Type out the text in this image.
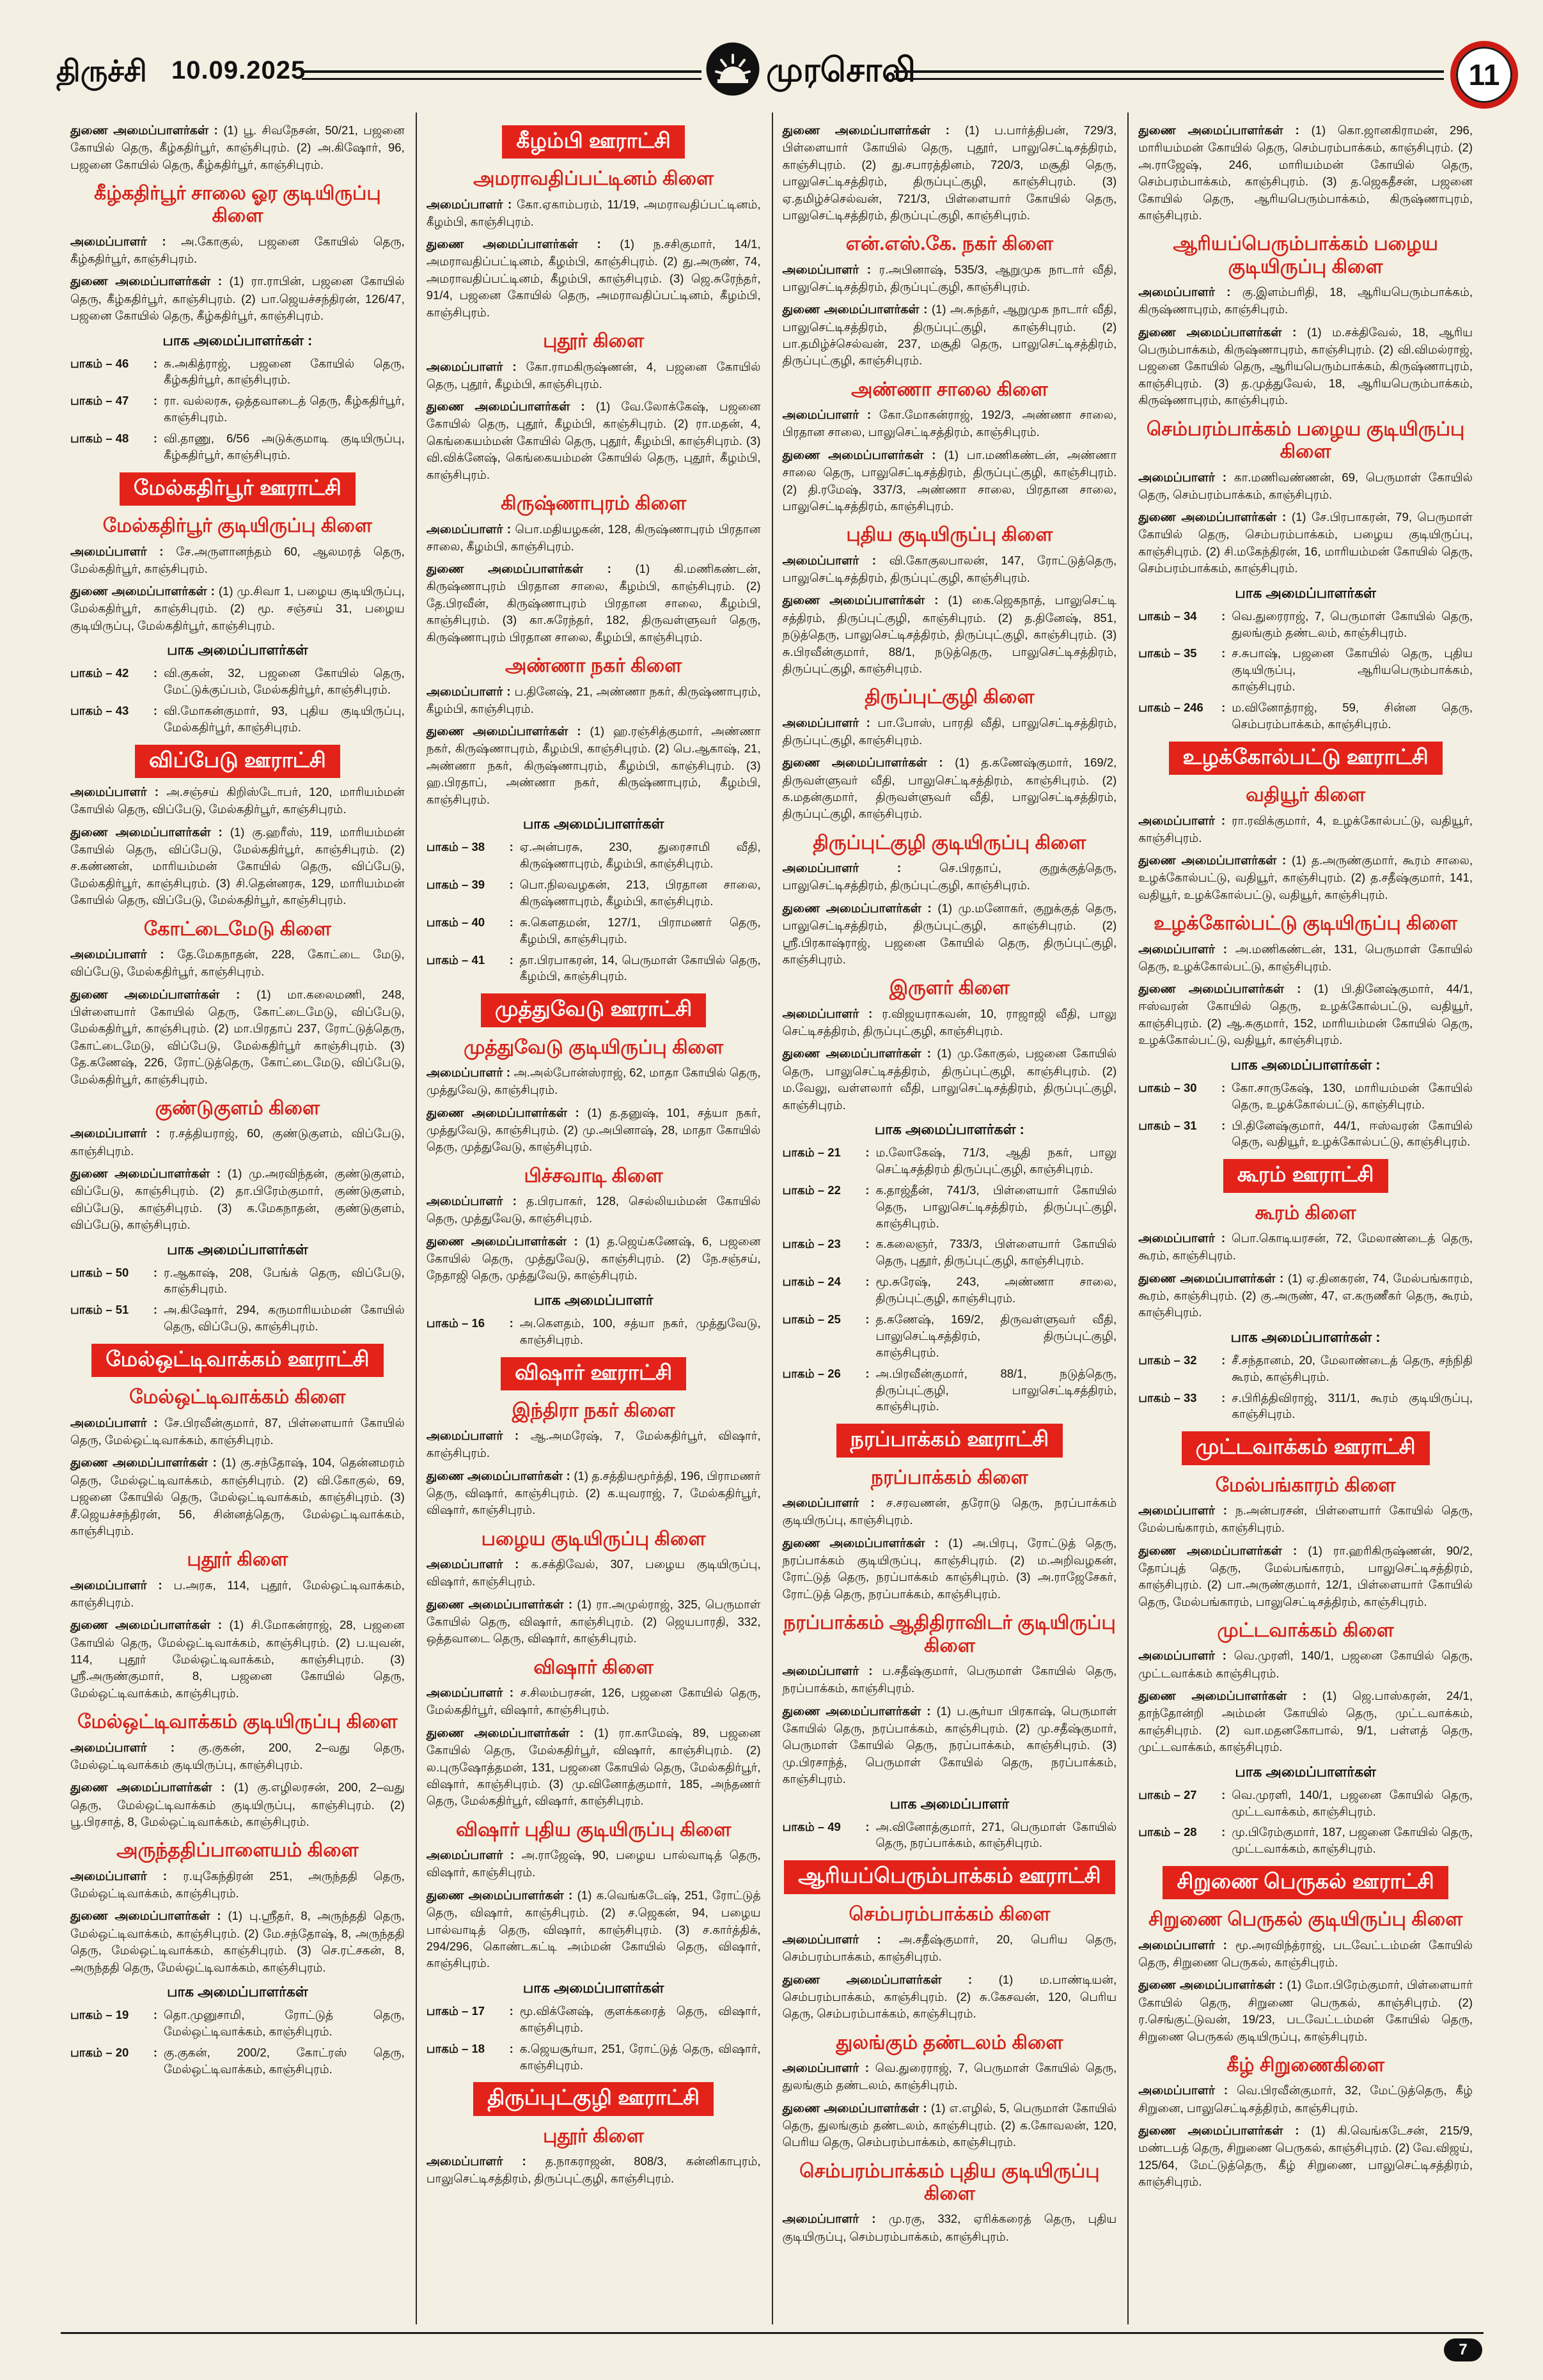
திருச்சி 10.09.2025	முரசொலி	11

துணை அமைப்பாளர்கள் : (1) பூ. சிவநேசன், 50/21, பஜனை கோயில் தெரு, கீழ்கதிர்பூர், காஞ்சிபுரம். (2) அ.கிஷோர், 96, பஜனை கோயில் தெரு, கீழ்கதிர்பூர், காஞ்சிபுரம்.

கீழ்கதிர்பூர் சாலை ஓர குடியிருப்பு கிளை

அமைப்பாளர் : அ.கோகுல், பஜனை கோயில் தெரு, கீழ்கதிர்பூர், காஞ்சிபுரம்.

துணை அமைப்பாளர்கள் : (1) ரா.ராபின், பஜனை கோயில் தெரு, கீழ்கதிர்பூர், காஞ்சிபுரம். (2) பா.ஜெயச்சந்திரன், 126/47, பஜனை கோயில் தெரு, கீழ்கதிர்பூர், காஞ்சிபுரம்.

பாக அமைப்பாளர்கள் :
பாகம் – 46	: சு.அகித்ராஜ், பஜனை கோயில் தெரு, கீழ்கதிர்பூர், காஞ்சிபுரம்.
பாகம் – 47	: ரா. வல்லரசு, ஒத்தவாடைத் தெரு, கீழ்கதிர்பூர், காஞ்சிபுரம்.
பாகம் – 48	: வி.தாணு, 6/56 அடுக்குமாடி குடியிருப்பு, கீழ்கதிர்பூர், காஞ்சிபுரம்.
மேல்கதிர்பூர் ஊராட்சி
மேல்கதிர்பூர் குடியிருப்பு கிளை

அமைப்பாளர் : சே.அருளானந்தம் 60, ஆலமரத் தெரு, மேல்கதிர்பூர், காஞ்சிபுரம்.

துணை அமைப்பாளர்கள் : (1) மு.சிவா 1, பழைய குடியிருப்பு, மேல்கதிர்பூர், காஞ்சிபுரம். (2) மூ. சஞ்சய் 31, பழைய குடியிருப்பு, மேல்கதிர்பூர், காஞ்சிபுரம்.

பாக அமைப்பாளர்கள்
பாகம் – 42	: வி.குகன், 32, பஜனை கோயில் தெரு, மேட்டுக்குப்பம், மேல்கதிர்பூர், காஞ்சிபுரம்.
பாகம் – 43	: வி.மோகன்குமார், 93, புதிய குடியிருப்பு, மேல்கதிர்பூர், காஞ்சிபுரம்.
விப்பேடு ஊராட்சி

அமைப்பாளர் : அ.சஞ்சய் கிறிஸ்டோபர், 120, மாரியம்மன் கோயில் தெரு, விப்பேடு, மேல்கதிர்பூர், காஞ்சிபுரம்.

துணை அமைப்பாளர்கள் : (1) கு.ஹரீஸ், 119, மாரியம்மன் கோயில் தெரு, விப்பேடு, மேல்கதிர்பூர், காஞ்சிபுரம். (2) ச.கண்ணன், மாரியம்மன் கோயில் தெரு, விப்பேடு, மேல்கதிர்பூர், காஞ்சிபுரம். (3) சி.தென்னரசு, 129, மாரியம்மன் கோயில் தெரு, விப்பேடு, மேல்கதிர்பூர், காஞ்சிபுரம்.

கோட்டைமேடு கிளை

அமைப்பாளர் : தே.மேகநாதன், 228, கோட்டை மேடு, விப்பேடு, மேல்கதிர்பூர், காஞ்சிபுரம்.

துணை அமைப்பாளர்கள் : (1) மா.கலைமணி, 248, பிள்ளையார் கோயில் தெரு, கோட்டைமேடு, விப்பேடு, மேல்கதிர்பூர், காஞ்சிபுரம். (2) மா.பிரதாப் 237, ரோட்டுத்தெரு, கோட்டைமேடு, விப்பேடு, மேல்கதிர்பூர் காஞ்சிபுரம். (3) தே.கணேஷ், 226, ரோட்டுத்தெரு, கோட்டைமேடு, விப்பேடு, மேல்கதிர்பூர், காஞ்சிபுரம்.

குண்டுகுளம் கிளை

அமைப்பாளர் : ர.சத்தியராஜ், 60, குண்டுகுளம், விப்பேடு, காஞ்சிபுரம்.

துணை அமைப்பாளர்கள் : (1) மு.அரவிந்தன், குண்டுகுளம், விப்பேடு, காஞ்சிபுரம். (2) தா.பிரேம்குமார், குண்டுகுளம், விப்பேடு, காஞ்சிபுரம். (3) க.மேகநாதன், குண்டுகுளம், விப்பேடு, காஞ்சிபுரம்.

பாக அமைப்பாளர்கள்
பாகம் – 50	: ர.ஆகாஷ், 208, பேங்க் தெரு, விப்பேடு, காஞ்சிபுரம்.
பாகம் – 51	: அ.கிஷோர், 294, கருமாரியம்மன் கோயில் தெரு, விப்பேடு, காஞ்சிபுரம்.
மேல்ஒட்டிவாக்கம் ஊராட்சி
மேல்ஒட்டிவாக்கம் கிளை

அமைப்பாளர் : சே.பிரவீன்குமார், 87, பிள்ளையார் கோயில் தெரு, மேல்ஒட்டிவாக்கம், காஞ்சிபுரம்.

துணை அமைப்பாளர்கள் : (1) கு.சந்தோஷ், 104, தென்னமரம் தெரு, மேல்ஒட்டிவாக்கம், காஞ்சிபுரம். (2) வி.கோகுல், 69, பஜனை கோயில் தெரு, மேல்ஒட்டிவாக்கம், காஞ்சிபுரம். (3) சீ.ஜெயச்சந்திரன், 56, சின்னத்தெரு, மேல்ஒட்டிவாக்கம், காஞ்சிபுரம்.

புதூர் கிளை

அமைப்பாளர் : ப.அரசு, 114, புதூர், மேல்ஒட்டிவாக்கம், காஞ்சிபுரம்.

துணை அமைப்பாளர்கள் : (1) சி.மோகன்ராஜ், 28, பஜனை கோயில் தெரு, மேல்ஒட்டிவாக்கம், காஞ்சிபுரம். (2) ப.யுவன், 114, புதூர் மேல்ஒட்டிவாக்கம், காஞ்சிபுரம். (3) ஸ்ரீ.அருண்குமார், 8, பஜனை கோயில் தெரு, மேல்ஒட்டிவாக்கம், காஞ்சிபுரம்.

மேல்ஒட்டிவாக்கம் குடியிருப்பு கிளை

அமைப்பாளர் : கு.குகன், 200, 2–வது தெரு, மேல்ஒட்டிவாக்கம் குடியிருப்பு, காஞ்சிபுரம்.

துணை அமைப்பாளர்கள் : (1) கு.எழிலரசன், 200, 2–வது தெரு, மேல்ஒட்டிவாக்கம் குடியிருப்பு, காஞ்சிபுரம். (2) பூ.பிரசாத், 8, மேல்ஒட்டிவாக்கம், காஞ்சிபுரம்.

அருந்ததிப்பாளையம் கிளை

அமைப்பாளர் : ர.யுகேந்திரன் 251, அருந்ததி தெரு, மேல்ஒட்டிவாக்கம், காஞ்சிபுரம்.

துணை அமைப்பாளர்கள் : (1) பு.ஸ்ரீதர், 8, அருந்ததி தெரு, மேல்ஒட்டிவாக்கம், காஞ்சிபுரம். (2) மே.சந்தோஷ், 8, அருந்ததி தெரு, மேல்ஒட்டிவாக்கம், காஞ்சிபுரம். (3) செ.ரட்சகன், 8, அருந்ததி தெரு, மேல்ஒட்டிவாக்கம், காஞ்சிபுரம்.

பாக அமைப்பாளர்கள்
பாகம் – 19	: தொ.முனுசாமி, ரோட்டுத் தெரு, மேல்ஒட்டிவாக்கம், காஞ்சிபுரம்.
பாகம் – 20	: கு.குகன், 200/2, கோட்ரஸ் தெரு, மேல்ஒட்டிவாக்கம், காஞ்சிபுரம்.
கீழம்பி ஊராட்சி
அமராவதிப்பட்டினம் கிளை

அமைப்பாளர் : கோ.ஏகாம்பரம், 11/19, அமராவதிப்பட்டினம், கீழம்பி, காஞ்சிபுரம்.

துணை அமைப்பாளர்கள் : (1) ந.சசிகுமார், 14/1, அமராவதிப்பட்டினம், கீழம்பி, காஞ்சிபுரம். (2) து.அருண், 74, அமராவதிப்பட்டினம், கீழம்பி, காஞ்சிபுரம். (3) ஜெ.சுரேந்தர், 91/4, பஜனை கோயில் தெரு, அமராவதிப்பட்டினம், கீழம்பி, காஞ்சிபுரம்.

புதூர் கிளை

அமைப்பாளர் : கோ.ராமகிருஷ்ணன், 4, பஜனை கோயில் தெரு, புதூர், கீழம்பி, காஞ்சிபுரம்.

துணை அமைப்பாளர்கள் : (1) வே.லோக்கேஷ், பஜனை கோயில் தெரு, புதூர், கீழம்பி, காஞ்சிபுரம். (2) ரா.மதன், 4, கெங்கையம்மன் கோயில் தெரு, புதூர், கீழம்பி, காஞ்சிபுரம். (3) வி.விக்னேஷ், கெங்கையம்மன் கோயில் தெரு, புதூர், கீழம்பி, காஞ்சிபுரம்.

கிருஷ்ணாபுரம் கிளை

அமைப்பாளர் : பொ.மதியழகன், 128, கிருஷ்ணாபுரம் பிரதான சாலை, கீழம்பி, காஞ்சிபுரம்.

துணை அமைப்பாளர்கள் : (1) கி.மணிகண்டன், கிருஷ்ணாபுரம் பிரதான சாலை, கீழம்பி, காஞ்சிபுரம். (2) தே.பிரவீன், கிருஷ்ணாபுரம் பிரதான சாலை, கீழம்பி, காஞ்சிபுரம். (3) கா.சுரேந்தர், 182, திருவள்ளுவர் தெரு, கிருஷ்ணாபுரம் பிரதான சாலை, கீழம்பி, காஞ்சிபுரம்.

அண்ணா நகர் கிளை

அமைப்பாளர் : ப.தினேஷ், 21, அண்ணா நகர், கிருஷ்ணாபுரம், கீழம்பி, காஞ்சிபுரம்.

துணை அமைப்பாளர்கள் : (1) ஹ.ரஞ்சித்குமார், அண்ணா நகர், கிருஷ்ணாபுரம், கீழம்பி, காஞ்சிபுரம். (2) பெ.ஆகாஷ், 21, அண்ணா நகர், கிருஷ்ணாபுரம், கீழம்பி, காஞ்சிபுரம். (3) ஹ.பிரதாப், அண்ணா நகர், கிருஷ்ணாபுரம், கீழம்பி, காஞ்சிபுரம்.

பாக அமைப்பாளர்கள்
பாகம் – 38	: ஏ.அன்பரசு, 230, துரைசாமி வீதி, கிருஷ்ணாபுரம், கீழம்பி, காஞ்சிபுரம்.
பாகம் – 39	: பொ.நிலவழகன், 213, பிரதான சாலை, கிருஷ்ணாபுரம், கீழம்பி, காஞ்சிபுரம்.
பாகம் – 40	: சு.கௌதமன், 127/1, பிராமணர் தெரு, கீழம்பி, காஞ்சிபுரம்.
பாகம் – 41	: தா.பிரபாகரன், 14, பெருமாள் கோயில் தெரு, கீழம்பி, காஞ்சிபுரம்.
முத்துவேடு ஊராட்சி
முத்துவேடு குடியிருப்பு கிளை

அமைப்பாளர் : அ.அல்போன்ஸ்ராஜ், 62, மாதா கோயில் தெரு, முத்துவேடு, காஞ்சிபுரம்.

துணை அமைப்பாளர்கள் : (1) த.தனுஷ், 101, சத்யா நகர், முத்துவேடு, காஞ்சிபுரம். (2) மு.அபினாஷ், 28, மாதா கோயில் தெரு, முத்துவேடு, காஞ்சிபுரம்.

பிச்சவாடி கிளை

அமைப்பாளர் : த.பிரபாகர், 128, செல்லியம்மன் கோயில் தெரு, முத்துவேடு, காஞ்சிபுரம்.

துணை அமைப்பாளர்கள் : (1) த.ஜெய்கணேஷ், 6, பஜனை கோயில் தெரு, முத்துவேடு, காஞ்சிபுரம். (2) நே.சஞ்சய், நேதாஜி தெரு, முத்துவேடு, காஞ்சிபுரம்.

பாக அமைப்பாளர்
பாகம் – 16	: அ.கௌதம், 100, சத்யா நகர், முத்துவேடு, காஞ்சிபுரம்.
விஷார் ஊராட்சி
இந்திரா நகர் கிளை

அமைப்பாளர் : ஆ.அமரேஷ், 7, மேல்கதிர்பூர், விஷார், காஞ்சிபுரம்.

துணை அமைப்பாளர்கள் : (1) த.சத்தியமூர்த்தி, 196, பிராமணர் தெரு, விஷார், காஞ்சிபுரம். (2) க.யுவராஜ், 7, மேல்கதிர்பூர், விஷார், காஞ்சிபுரம்.

பழைய குடியிருப்பு கிளை

அமைப்பாளர் : க.சக்திவேல், 307, பழைய குடியிருப்பு, விஷார், காஞ்சிபுரம்.

துணை அமைப்பாளர்கள் : (1) ரா.அமுல்ராஜ், 325, பெருமாள் கோயில் தெரு, விஷார், காஞ்சிபுரம். (2) ஜெயபாரதி, 332, ஒத்தவாடை தெரு, விஷார், காஞ்சிபுரம்.

விஷார் கிளை

அமைப்பாளர் : ச.சிலம்பரசன், 126, பஜனை கோயில் தெரு, மேல்கதிர்பூர், விஷார், காஞ்சிபுரம்.

துணை அமைப்பாளர்கள் : (1) ரா.காமேஷ், 89, பஜனை கோயில் தெரு, மேல்கதிர்பூர், விஷார், காஞ்சிபுரம். (2) ல.புருஷோத்தமன், 131, பஜனை கோயில் தெரு, மேல்கதிர்பூர், விஷார், காஞ்சிபுரம். (3) மு.வினோத்குமார், 185, அந்தணர் தெரு, மேல்கதிர்பூர், விஷார், காஞ்சிபுரம்.

விஷார் புதிய குடியிருப்பு கிளை

அமைப்பாளர் : அ.ராஜேஷ், 90, பழைய பால்வாடித் தெரு, விஷார், காஞ்சிபுரம்.

துணை அமைப்பாளர்கள் : (1) க.வெங்கடேஷ், 251, ரோட்டுத் தெரு, விஷார், காஞ்சிபுரம். (2) ச.ஜெகன், 94, பழைய பால்வாடித் தெரு, விஷார், காஞ்சிபுரம். (3) ச.கார்த்திக், 294/296, கொண்டகட்டி அம்மன் கோயில் தெரு, விஷார், காஞ்சிபுரம்.

பாக அமைப்பாளர்கள்
பாகம் – 17	: மூ.விக்னேஷ், குளக்கரைத் தெரு, விஷார், காஞ்சிபுரம்.
பாகம் – 18	: க.ஜெயசூர்யா, 251, ரோட்டுத் தெரு, விஷார், காஞ்சிபுரம்.
திருப்புட்குழி ஊராட்சி
புதூர் கிளை

அமைப்பாளர் : த.நாகராஜன், 808/3, கன்னிகாபுரம், பாலுசெட்டிசத்திரம், திருப்புட்குழி, காஞ்சிபுரம்.

துணை அமைப்பாளர்கள் : (1) ப.பார்த்திபன், 729/3, பிள்ளையார் கோயில் தெரு, புதூர், பாலுசெட்டிசத்திரம், காஞ்சிபுரம். (2) து.சபாரத்தினம், 720/3, மசூதி தெரு, பாலுசெட்டிசத்திரம், திருப்புட்குழி, காஞ்சிபுரம். (3) ஏ.தமிழ்ச்செல்வன், 721/3, பிள்ளையார் கோயில் தெரு, பாலுசெட்டிசத்திரம், திருப்புட்குழி, காஞ்சிபுரம்.

என்.எஸ்.கே. நகர் கிளை

அமைப்பாளர் : ர.அபினாஷ், 535/3, ஆறுமுக நாடார் வீதி, பாலுசெட்டிசத்திரம், திருப்புட்குழி, காஞ்சிபுரம்.

துணை அமைப்பாளர்கள் : (1) அ.சுந்தர், ஆறுமுக நாடார் வீதி, பாலுசெட்டிசத்திரம், திருப்புட்குழி, காஞ்சிபுரம். (2) பா.தமிழ்ச்செல்வன், 237, மசூதி தெரு, பாலுசெட்டிசத்திரம், திருப்புட்குழி, காஞ்சிபுரம்.

அண்ணா சாலை கிளை

அமைப்பாளர் : கோ.மோகன்ராஜ், 192/3, அண்ணா சாலை, பிரதான சாலை, பாலுசெட்டிசத்திரம், காஞ்சிபுரம்.

துணை அமைப்பாளர்கள் : (1) பா.மணிகண்டன், அண்ணா சாலை தெரு, பாலுசெட்டிசத்திரம், திருப்புட்குழி, காஞ்சிபுரம். (2) தி.ரமேஷ், 337/3, அண்ணா சாலை, பிரதான சாலை, பாலுசெட்டிசத்திரம், காஞ்சிபுரம்.

புதிய குடியிருப்பு கிளை

அமைப்பாளர் : வி.கோகுலபாலன், 147, ரோட்டுத்தெரு, பாலுசெட்டிசத்திரம், திருப்புட்குழி, காஞ்சிபுரம்.

துணை அமைப்பாளர்கள் : (1) கை.ஜெகநாத், பாலுசெட்டி சத்திரம், திருப்புட்குழி, காஞ்சிபுரம். (2) த.தினேஷ், 851, நடுத்தெரு, பாலுசெட்டிசத்திரம், திருப்புட்குழி, காஞ்சிபுரம். (3) சு.பிரவீன்குமார், 88/1, நடுத்தெரு, பாலுசெட்டிசத்திரம், திருப்புட்குழி, காஞ்சிபுரம்.

திருப்புட்குழி கிளை

அமைப்பாளர் : பா.போஸ், பாரதி வீதி, பாலுசெட்டிசத்திரம், திருப்புட்குழி, காஞ்சிபுரம்.

துணை அமைப்பாளர்கள் : (1) த.கணேஷ்குமார், 169/2, திருவள்ளுவர் வீதி, பாலுசெட்டிசத்திரம், காஞ்சிபுரம். (2) க.மதன்குமார், திருவள்ளுவர் வீதி, பாலுசெட்டிசத்திரம், திருப்புட்குழி, காஞ்சிபுரம்.

திருப்புட்குழி குடியிருப்பு கிளை

அமைப்பாளர் : செ.பிரதாப், குறுக்குத்தெரு, பாலுசெட்டிசத்திரம், திருப்புட்குழி, காஞ்சிபுரம்.

துணை அமைப்பாளர்கள் : (1) மு.மனோகர், குறுக்குத் தெரு, பாலுசெட்டிசத்திரம், திருப்புட்குழி, காஞ்சிபுரம். (2) ஸ்ரீ.பிரகாஷ்ராஜ், பஜனை கோயில் தெரு, திருப்புட்குழி, காஞ்சிபுரம்.

இருளர் கிளை

அமைப்பாளர் : ர.விஜயராகவன், 10, ராஜாஜி வீதி, பாலு செட்டிசத்திரம், திருப்புட்குழி, காஞ்சிபுரம்.

துணை அமைப்பாளர்கள் : (1) மு.கோகுல், பஜனை கோயில் தெரு, பாலுசெட்டிசத்திரம், திருப்புட்குழி, காஞ்சிபுரம். (2) ம.வேலு, வள்ளலார் வீதி, பாலுசெட்டிசத்திரம், திருப்புட்குழி, காஞ்சிபுரம்.

பாக அமைப்பாளர்கள் :
பாகம் – 21	: ம.லோகேஷ், 71/3, ஆதி நகர், பாலு செட்டிசத்திரம் திருப்புட்குழி, காஞ்சிபுரம்.
பாகம் – 22	: க.தாஜ்தீன், 741/3, பிள்ளையார் கோயில் தெரு, பாலுசெட்டிசத்திரம், திருப்புட்குழி, காஞ்சிபுரம்.
பாகம் – 23	: க.கலைஞர், 733/3, பிள்ளையார் கோயில் தெரு, புதூர், திருப்புட்குழி, காஞ்சிபுரம்.
பாகம் – 24	: மூ.சுரேஷ், 243, அண்ணா சாலை, திருப்புட்குழி, காஞ்சிபுரம்.
பாகம் – 25	: த.கணேஷ், 169/2, திருவள்ளுவர் வீதி, பாலுசெட்டிசத்திரம், திருப்புட்குழி, காஞ்சிபுரம்.
பாகம் – 26	: அ.பிரவீன்குமார், 88/1, நடுத்தெரு, திருப்புட்குழி, பாலுசெட்டிசத்திரம், காஞ்சிபுரம்.
நரப்பாக்கம் ஊராட்சி
நரப்பாக்கம் கிளை

அமைப்பாளர் : ச.சரவணன், தரோடு தெரு, நரப்பாக்கம் குடியிருப்பு, காஞ்சிபுரம்.

துணை அமைப்பாளர்கள் : (1) அ.பிரபு, ரோட்டுத் தெரு, நரப்பாக்கம் குடியிருப்பு, காஞ்சிபுரம். (2) ம.அறிவழகன், ரோட்டுத் தெரு, நரப்பாக்கம் காஞ்சிபுரம். (3) அ.ராஜேசேகர், ரோட்டுத் தெரு, நரப்பாக்கம், காஞ்சிபுரம்.

நரப்பாக்கம் ஆதிதிராவிடர் குடியிருப்பு கிளை

அமைப்பாளர் : ப.சதீஷ்குமார், பெருமாள் கோயில் தெரு, நரப்பாக்கம், காஞ்சிபுரம்.

துணை அமைப்பாளர்கள் : (1) ப.சூர்யா பிரகாஷ், பெருமாள் கோயில் தெரு, நரப்பாக்கம், காஞ்சிபுரம். (2) மு.சதீஷ்குமார், பெருமாள் கோயில் தெரு, நரப்பாக்கம், காஞ்சிபுரம். (3) மு.பிரசாந்த், பெருமாள் கோயில் தெரு, நரப்பாக்கம், காஞ்சிபுரம்.

பாக அமைப்பாளர்
பாகம் – 49	: அ.வினோத்குமார், 271, பெருமாள் கோயில் தெரு, நரப்பாக்கம், காஞ்சிபுரம்.
ஆரியப்பெரும்பாக்கம் ஊராட்சி
செம்பரம்பாக்கம் கிளை

அமைப்பாளர் : அ.சதீஷ்குமார், 20, பெரிய தெரு, செம்பரம்பாக்கம், காஞ்சிபுரம்.

துணை அமைப்பாளர்கள் : (1) ம.பாண்டியன், செம்பரம்பாக்கம், காஞ்சிபுரம். (2) சு.கேசவன், 120, பெரிய தெரு, செம்பரம்பாக்கம், காஞ்சிபுரம்.

துலங்கும் தண்டலம் கிளை

அமைப்பாளர் : வெ.துரைராஜ், 7, பெருமாள் கோயில் தெரு, துலங்கும் தண்டலம், காஞ்சிபுரம்.

துணை அமைப்பாளர்கள் : (1) எ.எழில், 5, பெருமாள் கோயில் தெரு, துலங்கும் தண்டலம், காஞ்சிபுரம். (2) க.கோவலன், 120, பெரிய தெரு, செம்பரம்பாக்கம், காஞ்சிபுரம்.

செம்பரம்பாக்கம் புதிய குடியிருப்பு கிளை

அமைப்பாளர் : மு.ரகு, 332, ஏரிக்கரைத் தெரு, புதிய குடியிருப்பு, செம்பரம்பாக்கம், காஞ்சிபுரம்.

துணை அமைப்பாளர்கள் : (1) கொ.ஜானகிராமன், 296, மாரியம்மன் கோயில் தெரு, செம்பரம்பாக்கம், காஞ்சிபுரம். (2) அ.ராஜேஷ், 246, மாரியம்மன் கோயில் தெரு, செம்பரம்பாக்கம், காஞ்சிபுரம். (3) த.ஜெகதீசன், பஜனை கோயில் தெரு, ஆரியபெரும்பாக்கம், கிருஷ்ணாபுரம், காஞ்சிபுரம்.

ஆரியப்பெரும்பாக்கம் பழைய குடியிருப்பு கிளை

அமைப்பாளர் : கு.இளம்பரிதி, 18, ஆரியபெரும்பாக்கம், கிருஷ்ணாபுரம், காஞ்சிபுரம்.

துணை அமைப்பாளர்கள் : (1) ம.சக்திவேல், 18, ஆரிய பெரும்பாக்கம், கிருஷ்ணாபுரம், காஞ்சிபுரம். (2) வி.விமல்ராஜ், பஜனை கோயில் தெரு, ஆரியபெரும்பாக்கம், கிருஷ்ணாபுரம், காஞ்சிபுரம். (3) த.முத்துவேல், 18, ஆரியபெரும்பாக்கம், கிருஷ்ணாபுரம், காஞ்சிபுரம்.

செம்பரம்பாக்கம் பழைய குடியிருப்பு கிளை

அமைப்பாளர் : கா.மணிவண்ணன், 69, பெருமாள் கோயில் தெரு, செம்பரம்பாக்கம், காஞ்சிபுரம்.

துணை அமைப்பாளர்கள் : (1) சே.பிரபாகரன், 79, பெருமாள் கோயில் தெரு, செம்பரம்பாக்கம், பழைய குடியிருப்பு, காஞ்சிபுரம். (2) சி.மகேந்திரன், 16, மாரியம்மன் கோயில் தெரு, செம்பரம்பாக்கம், காஞ்சிபுரம்.

பாக அமைப்பாளர்கள்
பாகம் – 34	: வெ.துரைராஜ், 7, பெருமாள் கோயில் தெரு, துலங்கும் தண்டலம், காஞ்சிபுரம்.
பாகம் – 35	: ச.சுபாஷ், பஜனை கோயில் தெரு, புதிய குடியிருப்பு, ஆரியபெரும்பாக்கம், காஞ்சிபுரம்.
பாகம் – 246	: ம.வினோத்ராஜ், 59, சின்ன தெரு, செம்பரம்பாக்கம், காஞ்சிபுரம்.
உழக்கோல்பட்டு ஊராட்சி
வதியூர் கிளை

அமைப்பாளர் : ரா.ரவிக்குமார், 4, உழக்கோல்பட்டு, வதியூர், காஞ்சிபுரம்.

துணை அமைப்பாளர்கள் : (1) த.அருண்குமார், கூரம் சாலை, உழக்கோல்பட்டு, வதியூர், காஞ்சிபுரம். (2) த.சதீஷ்குமார், 141, வதியூர், உழக்கோல்பட்டு, வதியூர், காஞ்சிபுரம்.

உழக்கோல்பட்டு குடியிருப்பு கிளை

அமைப்பாளர் : அ.மணிகண்டன், 131, பெருமாள் கோயில் தெரு, உழக்கோல்பட்டு, காஞ்சிபுரம்.

துணை அமைப்பாளர்கள் : (1) பி.தினேஷ்குமார், 44/1, ஈஸ்வரன் கோயில் தெரு, உழக்கோல்பட்டு, வதியூர், காஞ்சிபுரம். (2) ஆ.சுகுமார், 152, மாரியம்மன் கோயில் தெரு, உழக்கோல்பட்டு, வதியூர், காஞ்சிபுரம்.

பாக அமைப்பாளர்கள் :
பாகம் – 30	: கோ.சாருகேஷ், 130, மாரியம்மன் கோயில் தெரு, உழக்கோல்பட்டு, காஞ்சிபுரம்.
பாகம் – 31	: பி.தினேஷ்குமார், 44/1, ஈஸ்வரன் கோயில் தெரு, வதியூர், உழக்கோல்பட்டு, காஞ்சிபுரம்.
கூரம் ஊராட்சி
கூரம் கிளை

அமைப்பாளர் : பொ.கொடியரசன், 72, மேலாண்டைத் தெரு, கூரம், காஞ்சிபுரம்.

துணை அமைப்பாளர்கள் : (1) ஏ.தினகரன், 74, மேல்பங்காரம், கூரம், காஞ்சிபுரம். (2) கு.அருண், 47, எ.கருணீகர் தெரு, கூரம், காஞ்சிபுரம்.

பாக அமைப்பாளர்கள் :
பாகம் – 32	: சீ.சந்தானம், 20, மேலாண்டைத் தெரு, சந்நிதி கூரம், காஞ்சிபுரம்.
பாகம் – 33	: ச.பிரித்திவிராஜ், 311/1, கூரம் குடியிருப்பு, காஞ்சிபுரம்.
முட்டவாக்கம் ஊராட்சி
மேல்பங்காரம் கிளை

அமைப்பாளர் : ந.அன்பரசன், பிள்ளையார் கோயில் தெரு, மேல்பங்காரம், காஞ்சிபுரம்.

துணை அமைப்பாளர்கள் : (1) ரா.ஹரிகிருஷ்ணன், 90/2, தோப்புத் தெரு, மேல்பங்காரம், பாலுசெட்டிசத்திரம், காஞ்சிபுரம். (2) பா.அருண்குமார், 12/1, பிள்ளையார் கோயில் தெரு, மேல்பங்காரம், பாலுசெட்டிசத்திரம், காஞ்சிபுரம்.

முட்டவாக்கம் கிளை

அமைப்பாளர் : வெ.முரளி, 140/1, பஜனை கோயில் தெரு, முட்டவாக்கம் காஞ்சிபுரம்.

துணை அமைப்பாளர்கள் : (1) ஜெ.பாஸ்கரன், 24/1, தாந்தோன்றி அம்மன் கோயில் தெரு, முட்டவாக்கம், காஞ்சிபுரம். (2) வா.மதனகோபால், 9/1, பள்ளத் தெரு, முட்டவாக்கம், காஞ்சிபுரம்.

பாக அமைப்பாளர்கள்
பாகம் – 27	: வெ.முரளி, 140/1, பஜனை கோயில் தெரு, முட்டவாக்கம், காஞ்சிபுரம்.
பாகம் – 28	: மு.பிரேம்குமார், 187, பஜனை கோயில் தெரு, முட்டவாக்கம், காஞ்சிபுரம்.
சிறுணை பெருகல் ஊராட்சி
சிறுணை பெருகல் குடியிருப்பு கிளை

அமைப்பாளர் : மூ.அரவிந்த்ராஜ், படவேட்டம்மன் கோயில் தெரு, சிறுணை பெருகல், காஞ்சிபுரம்.

துணை அமைப்பாளர்கள் : (1) மோ.பிரேம்குமார், பிள்ளையார் கோயில் தெரு, சிறுணை பெருகல், காஞ்சிபுரம். (2) ர.செங்குட்டுவன், 19/23, படவேட்டம்மன் கோயில் தெரு, சிறுணை பெருகல் குடியிருப்பு, காஞ்சிபுரம்.

கீழ் சிறுணைகிளை

அமைப்பாளர் : வெ.பிரவீன்குமார், 32, மேட்டுத்தெரு, கீழ் சிறுனை, பாலுசெட்டிசத்திரம், காஞ்சிபுரம்.

துணை அமைப்பாளர்கள் : (1) கி.வெங்கடேசன், 215/9, மண்டபத் தெரு, சிறுணை பெருகல், காஞ்சிபுரம். (2) வே.விஜய், 125/64, மேட்டுத்தெரு, கீழ் சிறுணை, பாலுசெட்டிசத்திரம், காஞ்சிபுரம்.

7
